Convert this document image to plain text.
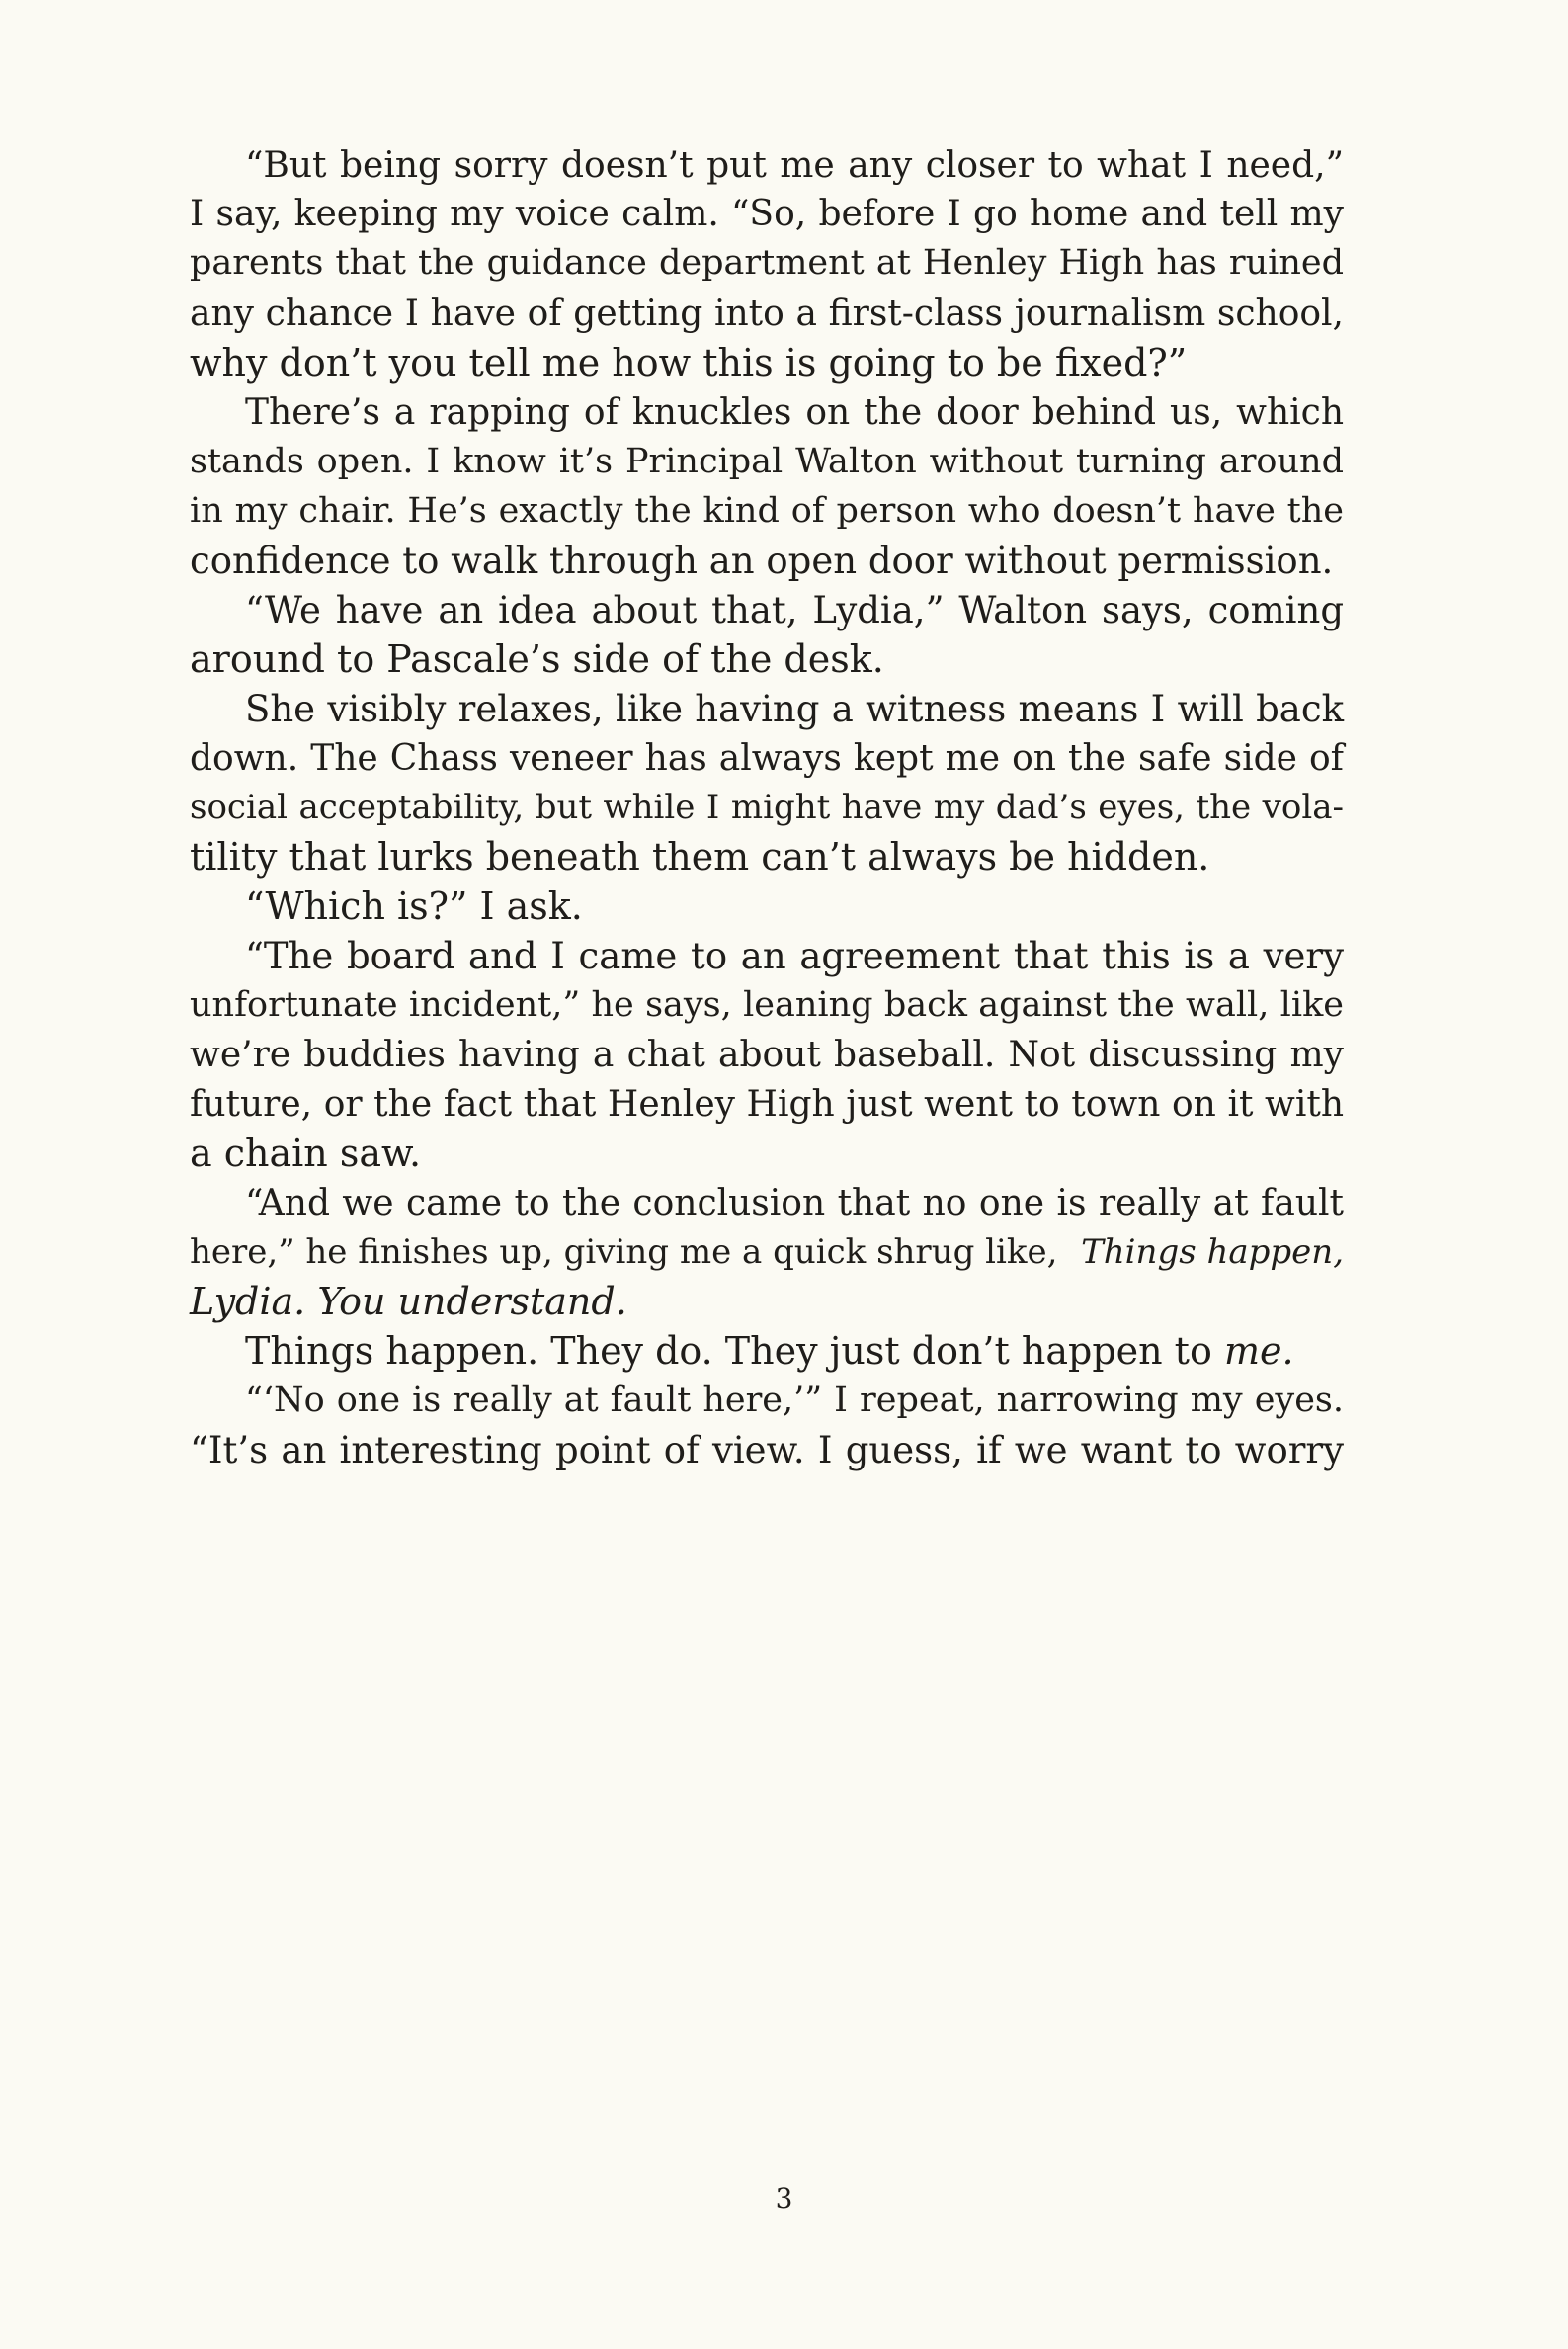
“But being sorry doesn’t put me any closer to what I need,”
I say, keeping my voice calm. “So, before I go home and tell my
parents that the guidance department at Henley High has ruined
any chance I have of getting into a first-class journalism school,
why don’t you tell me how this is going to be fixed?”
There’s a rapping of knuckles on the door behind us, which
stands open. I know it’s Principal Walton without turning around
in my chair. He’s exactly the kind of person who doesn’t have the
confidence to walk through an open door without permission.
“We have an idea about that, Lydia,” Walton says, coming
around to Pascale’s side of the desk.
She visibly relaxes, like having a witness means I will back
down. The Chass veneer has always kept me on the safe side of
social acceptability, but while I might have my dad’s eyes, the vola-
tility that lurks beneath them can’t always be hidden.
“Which is?” I ask.
“The board and I came to an agreement that this is a very
unfortunate incident,” he says, leaning back against the wall, like
we’re buddies having a chat about baseball. Not discussing my
future, or the fact that Henley High just went to town on it with
a chain saw.
“And we came to the conclusion that no one is really at fault
here,” he finishes up, giving me a quick shrug like, Things happen,
Lydia. You understand.
Things happen. They do. They just don’t happen to me.
“‘No one is really at fault here,’” I repeat, narrowing my eyes.
“It’s an interesting point of view. I guess, if we want to worry
3
